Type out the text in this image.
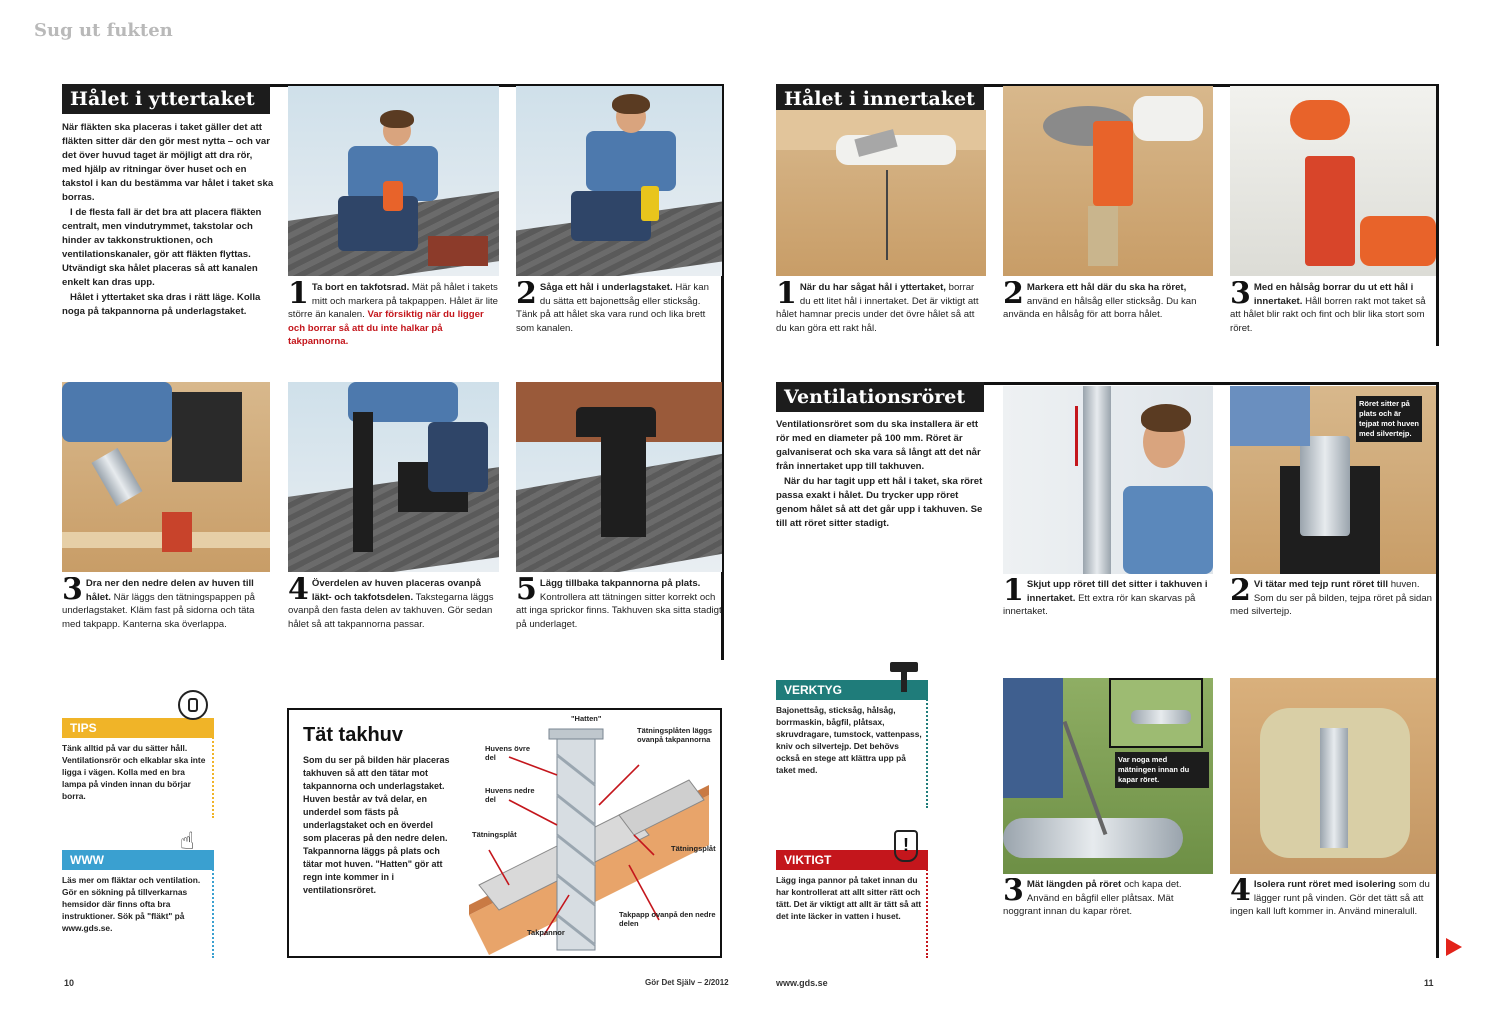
Sug ut fukten
Hålet i yttertaket

När fläkten ska placeras i taket gäller det att fläkten sitter där den gör mest nytta – och var det över huvud taget är möjligt att dra rör, med hjälp av ritningar över huset och en takstol i kan du bestämma var hålet i taket ska borras.

I de flesta fall är det bra att placera fläkten centralt, men vindutrymmet, takstolar och hinder av takkonstruktionen, och ventilationskanaler, gör att fläkten flyttas. Utvändigt ska hålet placeras så att kanalen enkelt kan dras upp.

Hålet i yttertaket ska dras i rätt läge. Kolla noga på takpannorna på underlagstaket.

1 Ta bort en takfotsrad. Mät på hålet i takets mitt och markera på takpappen. Hålet är lite större än kanalen. Var försiktig när du ligger och borrar så att du inte halkar på takpannorna.
2 Såga ett hål i underlagstaket. Här kan du sätta ett bajonettsåg eller sticksåg. Tänk på att hålet ska vara rund och lika brett som kanalen.
3 Dra ner den nedre delen av huven till hålet. När läggs den tätningspappen på underlagstaket. Kläm fast på sidorna och täta med takpapp. Kanterna ska överlappa.
4 Överdelen av huven placeras ovanpå läkt- och takfotsdelen. Takstegarna läggs ovanpå den fasta delen av takhuven. Gör sedan hålet så att takpannorna passar.
5 Lägg tillbaka takpannorna på plats. Kontrollera att tätningen sitter korrekt och att inga sprickor finns. Takhuven ska sitta stadigt på underlaget.
TIPS
Tänk alltid på var du sätter håll. Ventilationsrör och elkablar ska inte ligga i vägen. Kolla med en bra lampa på vinden innan du börjar borra.
WWW
☝
Läs mer om fläktar och ventilation. Gör en sökning på tillverkarnas hemsidor där finns ofta bra instruktioner. Sök på "fläkt" på www.gds.se.
Tät takhuv
Som du ser på bilden här placeras takhuven så att den tätar mot takpannorna och underlagstaket. Huven består av två delar, en underdel som fästs på underlagstaket och en överdel som placeras på den nedre delen. Takpannorna läggs på plats och tätar mot huven. "Hatten" gör att regn inte kommer in i ventilationsröret.
"Hatten"
Huvens övre del
Huvens nedre del
Tätningsplåt
Tätningsplåten läggs ovanpå takpannorna
Tätningsplåt
Takpapp ovanpå den nedre delen
Takpannor
10	Gör Det Själv – 2/2012
Hålet i innertaket
1 När du har sågat hål i yttertaket, borrar du ett litet hål i innertaket. Det är viktigt att hålet hamnar precis under det övre hålet så att du kan göra ett rakt hål.
2 Markera ett hål där du ska ha röret, använd en hålsåg eller sticksåg. Du kan använda en hålsåg för att borra hålet.
3 Med en hålsåg borrar du ut ett hål i innertaket. Håll borren rakt mot taket så att hålet blir rakt och fint och blir lika stort som röret.
Ventilationsröret

Ventilationsröret som du ska installera är ett rör med en diameter på 100 mm. Röret är galvaniserat och ska vara så långt att det når från innertaket upp till takhuven.

När du har tagit upp ett hål i taket, ska röret passa exakt i hålet. Du trycker upp röret genom hålet så att det går upp i takhuven. Se till att röret sitter stadigt.

Röret sitter på plats och är tejpat mot huven med silvertejp.
1 Skjut upp röret till det sitter i takhuven i innertaket. Ett extra rör kan skarvas på innertaket.
2 Vi tätar med tejp runt röret till huven. Som du ser på bilden, tejpa röret på sidan med silvertejp.
VERKTYG
Bajonettsåg, sticksåg, hålsåg, borrmaskin, bågfil, plåtsax, skruvdragare, tumstock, vattenpass, kniv och silvertejp. Det behövs också en stege att klättra upp på taket med.
VIKTIGT
!
Lägg inga pannor på taket innan du har kontrollerat att allt sitter rätt och tätt. Det är viktigt att allt är tätt så att det inte läcker in vatten i huset.
Var noga med mätningen innan du kapar röret.
3 Mät längden på röret och kapa det. Använd en bågfil eller plåtsax. Mät noggrant innan du kapar röret.
4 Isolera runt röret med isolering som du lägger runt på vinden. Gör det tätt så att ingen kall luft kommer in. Använd mineralull.
www.gds.se	11
